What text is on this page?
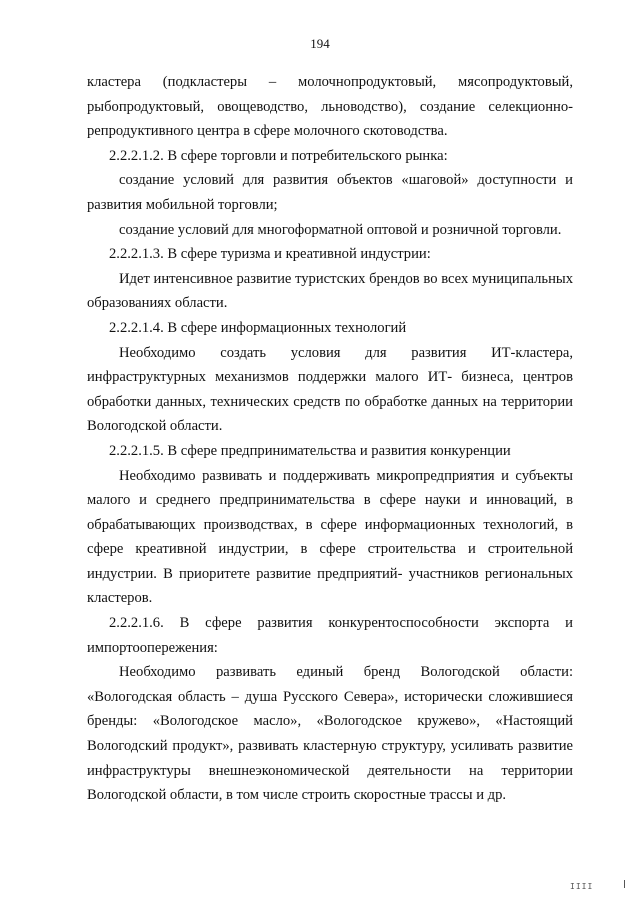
194

кластера (подкластеры – молочнопродуктовый, мясопродуктовый, рыбопродуктовый, овощеводство, льноводство), создание селекционно-репродуктивного центра в сфере молочного скотоводства.

2.2.2.1.2. В сфере торговли и потребительского рынка:

создание условий для развития объектов «шаговой» доступности и развития мобильной торговли;

создание условий для многоформатной оптовой и розничной торговли.

2.2.2.1.3. В сфере туризма и креативной индустрии:

Идет интенсивное развитие туристских брендов во всех муниципальных образованиях области.

2.2.2.1.4. В сфере информационных технологий

Необходимо создать условия для развития ИТ-кластера, инфраструктурных механизмов поддержки малого ИТ- бизнеса, центров обработки данных, технических средств по обработке данных на территории Вологодской области.

2.2.2.1.5. В сфере предпринимательства и развития конкуренции

Необходимо развивать и поддерживать микропредприятия и субъекты малого и среднего предпринимательства в сфере науки и инноваций, в обрабатывающих производствах, в сфере информационных технологий, в сфере креативной индустрии, в сфере строительства и строительной индустрии. В приоритете развитие предприятий- участников региональных кластеров.

2.2.2.1.6. В сфере развития конкурентоспособности экспорта и импортоопережения:

Необходимо развивать единый бренд Вологодской области: «Вологодская область – душа Русского Севера», исторически сложившиеся бренды: «Вологодское масло», «Вологодское кружево», «Настоящий Вологодский продукт», развивать кластерную структуру, усиливать развитие инфраструктуры внешнеэкономической деятельности на территории Вологодской области, в том числе строить скоростные трассы и др.

IIII
